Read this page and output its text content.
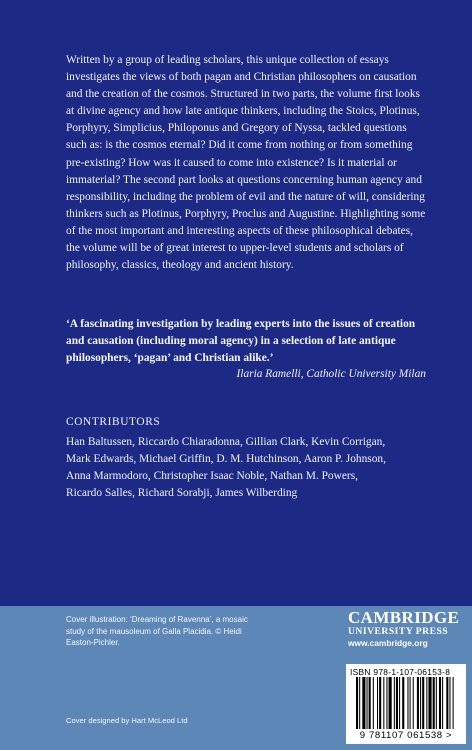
Written by a group of leading scholars, this unique collection of essays

investigates the views of both pagan and Christian philosophers on causation

and the creation of the cosmos. Structured in two parts, the volume first looks

at divine agency and how late antique thinkers, including the Stoics, Plotinus,

Porphyry, Simplicius, Philoponus and Gregory of Nyssa, tackled questions

such as: is the cosmos eternal? Did it come from nothing or from something

pre-existing? How was it caused to come into existence? Is it material or

immaterial? The second part looks at questions concerning human agency and

responsibility, including the problem of evil and the nature of will, considering

thinkers such as Plotinus, Porphyry, Proclus and Augustine. Highlighting some

of the most important and interesting aspects of these philosophical debates,

the volume will be of great interest to upper-level students and scholars of

philosophy, classics, theology and ancient history.

‘A fascinating investigation by leading experts into the issues of creation

and causation (including moral agency) in a selection of late antique

philosophers, ‘pagan’ and Christian alike.’

Ilaria Ramelli, Catholic University Milan
CONTRIBUTORS

Han Baltussen, Riccardo Chiaradonna, Gillian Clark, Kevin Corrigan,

Mark Edwards, Michael Griffin, D. M. Hutchinson, Aaron P. Johnson,

Anna Marmodoro, Christopher Isaac Noble, Nathan M. Powers,

Ricardo Salles, Richard Sorabji, James Wilberding

Cover illustration: ‘Dreaming of Ravenna’, a mosaic

study of the mausoleum of Galla Placidia. © Heidi

Easton-Pichler.

Cover designed by Hart McLeod Ltd
CAMBRIDGE
UNIVERSITY PRESS
www.cambridge.org
ISBN 978-1-107-06153-8
9 781107 061538 >
